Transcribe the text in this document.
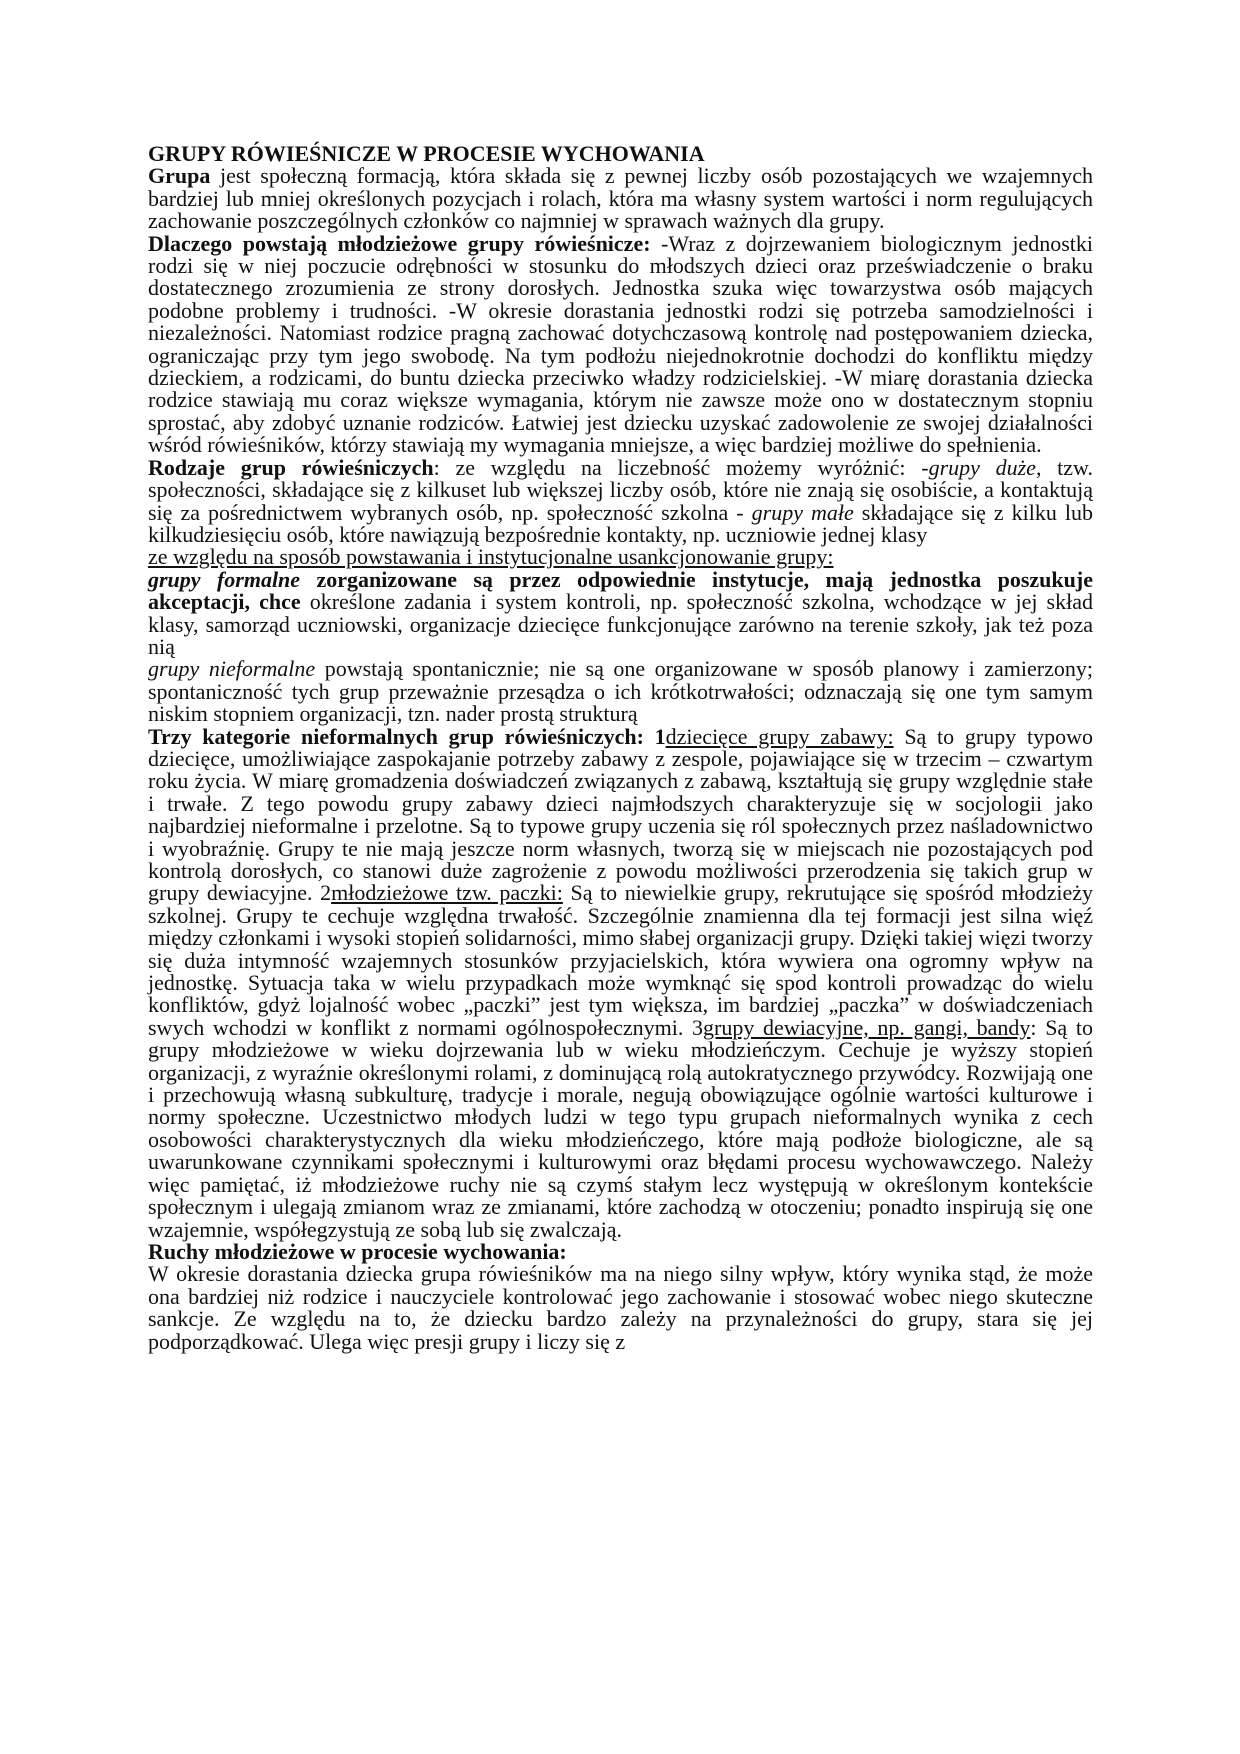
GRUPY RÓWIEŚNICZE W PROCESIE WYCHOWANIA

Grupa jest społeczną formacją, która składa się z pewnej liczby osób pozostających we wzajemnych bardziej lub mniej określonych pozycjach i rolach, która ma własny system wartości i norm regulujących zachowanie poszczególnych członków co najmniej w sprawach ważnych dla grupy.

Dlaczego powstają młodzieżowe grupy rówieśnicze: -Wraz z dojrzewaniem biologicznym jednostki rodzi się w niej poczucie odrębności w stosunku do młodszych dzieci oraz przeświadczenie o braku dostatecznego zrozumienia ze strony dorosłych. Jednostka szuka więc towarzystwa osób mających podobne problemy i trudności. -W okresie dorastania jednostki rodzi się potrzeba samodzielności i niezależności. Natomiast rodzice pragną zachować dotychczasową kontrolę nad postępowaniem dziecka, ograniczając przy tym jego swobodę. Na tym podłożu niejednokrotnie dochodzi do konfliktu między dzieckiem, a rodzicami, do buntu dziecka przeciwko władzy rodzicielskiej. -W miarę dorastania dziecka rodzice stawiają mu coraz większe wymagania, którym nie zawsze może ono w dostatecznym stopniu sprostać, aby zdobyć uznanie rodziców. Łatwiej jest dziecku uzyskać zadowolenie ze swojej działalności wśród rówieśników, którzy stawiają my wymagania mniejsze, a więc bardziej możliwe do spełnienia.

Rodzaje grup rówieśniczych: ze względu na liczebność możemy wyróżnić: -grupy duże, tzw. społeczności, składające się z kilkuset lub większej liczby osób, które nie znają się osobiście, a kontaktują się za pośrednictwem wybranych osób, np. społeczność szkolna - grupy małe składające się z kilku lub kilkudziesięciu osób, które nawiązują bezpośrednie kontakty, np. uczniowie jednej klasy

ze względu na sposób powstawania i instytucjonalne usankcjonowanie grupy:

grupy formalne zorganizowane są przez odpowiednie instytucje, mają jednostka poszukuje akceptacji, chce określone zadania i system kontroli, np. społeczność szkolna, wchodzące w jej skład klasy, samorząd uczniowski, organizacje dziecięce funkcjonujące zarówno na terenie szkoły, jak też poza nią

grupy nieformalne powstają spontanicznie; nie są one organizowane w sposób planowy i zamierzony; spontaniczność tych grup przeważnie przesądza o ich krótkotrwałości; odznaczają się one tym samym niskim stopniem organizacji, tzn. nader prostą strukturą

Trzy kategorie nieformalnych grup rówieśniczych: 1dziecięce grupy zabawy: Są to grupy typowo dziecięce, umożliwiające zaspokajanie potrzeby zabawy z zespole, pojawiające się w trzecim – czwartym roku życia. W miarę gromadzenia doświadczeń związanych z zabawą, kształtują się grupy względnie stałe i trwałe. Z tego powodu grupy zabawy dzieci najmłodszych charakteryzuje się w socjologii jako najbardziej nieformalne i przelotne. Są to typowe grupy uczenia się ról społecznych przez naśladownictwo i wyobraźnię. Grupy te nie mają jeszcze norm własnych, tworzą się w miejscach nie pozostających pod kontrolą dorosłych, co stanowi duże zagrożenie z powodu możliwości przerodzenia się takich grup w grupy dewiacyjne. 2młodzieżowe tzw. paczki: Są to niewielkie grupy, rekrutujące się spośród młodzieży szkolnej. Grupy te cechuje względna trwałość. Szczególnie znamienna dla tej formacji jest silna więź między członkami i wysoki stopień solidarności, mimo słabej organizacji grupy. Dzięki takiej więzi tworzy się duża intymność wzajemnych stosunków przyjacielskich, która wywiera ona ogromny wpływ na jednostkę. Sytuacja taka w wielu przypadkach może wymknąć się spod kontroli prowadząc do wielu konfliktów, gdyż lojalność wobec „paczki” jest tym większa, im bardziej „paczka” w doświadczeniach swych wchodzi w konflikt z normami ogólnospołecznymi. 3grupy dewiacyjne, np. gangi, bandy: Są to grupy młodzieżowe w wieku dojrzewania lub w wieku młodzieńczym. Cechuje je wyższy stopień organizacji, z wyraźnie określonymi rolami, z dominującą rolą autokratycznego przywódcy. Rozwijają one i przechowują własną subkulturę, tradycje i morale, negują obowiązujące ogólnie wartości kulturowe i normy społeczne. Uczestnictwo młodych ludzi w tego typu grupach nieformalnych wynika z cech osobowości charakterystycznych dla wieku młodzieńczego, które mają podłoże biologiczne, ale są uwarunkowane czynnikami społecznymi i kulturowymi oraz błędami procesu wychowawczego. Należy więc pamiętać, iż młodzieżowe ruchy nie są czymś stałym lecz występują w określonym kontekście społecznym i ulegają zmianom wraz ze zmianami, które zachodzą w otoczeniu; ponadto inspirują się one wzajemnie, współegzystują ze sobą lub się zwalczają.

Ruchy młodzieżowe w procesie wychowania:

W okresie dorastania dziecka grupa rówieśników ma na niego silny wpływ, który wynika stąd, że może ona bardziej niż rodzice i nauczyciele kontrolować jego zachowanie i stosować wobec niego skuteczne sankcje. Ze względu na to, że dziecku bardzo zależy na przynależności do grupy, stara się jej podporządkować. Ulega więc presji grupy i liczy się z
